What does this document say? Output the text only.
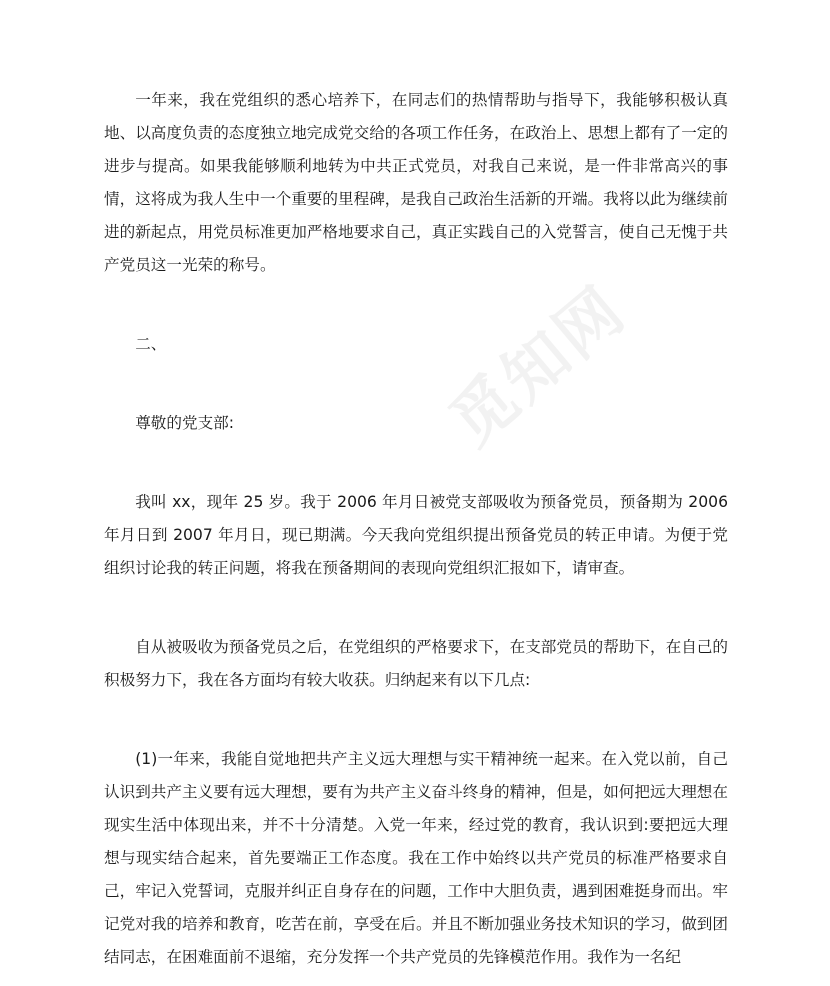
一年来，我在党组织的悉心培养下，在同志们的热情帮助与指导下，我能够积极认真地、以高度负责的态度独立地完成党交给的各项工作任务，在政治上、思想上都有了一定的进步与提高。如果我能够顺利地转为中共正式党员，对我自己来说，是一件非常高兴的事情，这将成为我人生中一个重要的里程碑，是我自己政治生活新的开端。我将以此为继续前进的新起点，用党员标准更加严格地要求自己，真正实践自己的入党誓言，使自己无愧于共产党员这一光荣的称号。

二、

尊敬的党支部:

我叫 xx，现年 25 岁。我于 2006 年月日被党支部吸收为预备党员，预备期为 2006 年月日到 2007 年月日，现已期满。今天我向党组织提出预备党员的转正申请。为便于党组织讨论我的转正问题，将我在预备期间的表现向党组织汇报如下，请审查。

自从被吸收为预备党员之后，在党组织的严格要求下，在支部党员的帮助下，在自己的积极努力下，我在各方面均有较大收获。归纳起来有以下几点:

(1)一年来，我能自觉地把共产主义远大理想与实干精神统一起来。在入党以前，自己认识到共产主义要有远大理想，要有为共产主义奋斗终身的精神，但是，如何把远大理想在现实生活中体现出来，并不十分清楚。入党一年来，经过党的教育，我认识到:要把远大理想与现实结合起来，首先要端正工作态度。我在工作中始终以共产党员的标准严格要求自己，牢记入党誓词，克服并纠正自身存在的问题，工作中大胆负责，遇到困难挺身而出。牢记党对我的培养和教育，吃苦在前，享受在后。并且不断加强业务技术知识的学习，做到团结同志，在困难面前不退缩，充分发挥一个共产党员的先锋模范作用。我作为一名纪

觅知网
